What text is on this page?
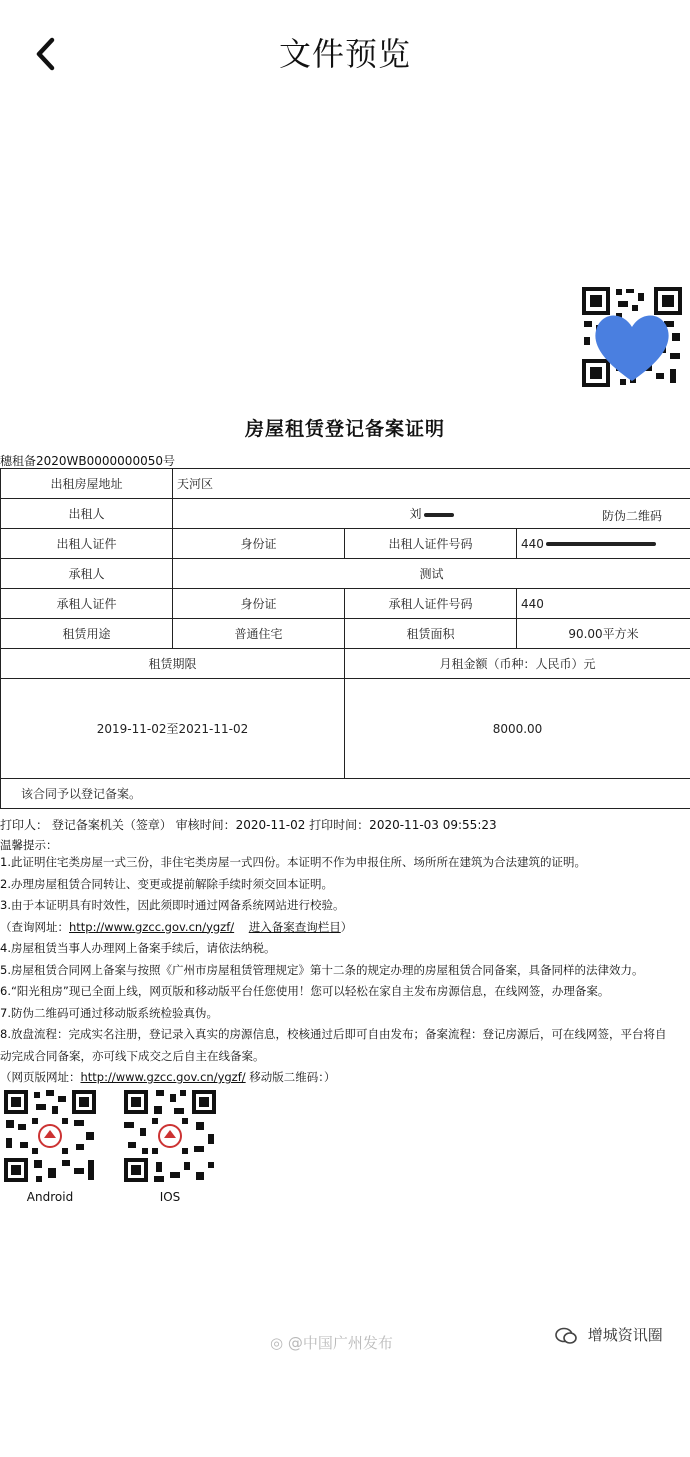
文件预览
防伪二维码
房屋租赁登记备案证明
穗租备2020WB0000000050号
出租房屋地址	天河区		
出租人	刘		
出租人证件	身份证	出租人证件号码	440
承租人	测试		
承租人证件	身份证	承租人证件号码	440
租赁用途	普通住宅	租赁面积	90.00平方米
租赁期限		月租金额（币种：人民币）元	
2019-11-02至2021-11-02		8000.00	
该合同予以登记备案。			
打印人： 登记备案机关（签章） 审核时间：2020-11-02 打印时间：2020-11-03 09:55:23
温馨提示：
1.此证明住宅类房屋一式三份，非住宅类房屋一式四份。本证明不作为申报住所、场所所在建筑为合法建筑的证明。
2.办理房屋租赁合同转让、变更或提前解除手续时须交回本证明。
3.由于本证明具有时效性，因此须即时通过网备系统网站进行校验。
（查询网址：http://www.gzcc.gov.cn/ygzf/ 进入备案查询栏目）
4.房屋租赁当事人办理网上备案手续后，请依法纳税。
5.房屋租赁合同网上备案与按照《广州市房屋租赁管理规定》第十二条的规定办理的房屋租赁合同备案，具备同样的法律效力。
6.“阳光租房”现已全面上线，网页版和移动版平台任您使用！您可以轻松在家自主发布房源信息，在线网签，办理备案。
7.防伪二维码可通过移动版系统检验真伪。
8.放盘流程：完成实名注册，登记录入真实的房源信息，校核通过后即可自由发布；备案流程：登记房源后，可在线网签，平台将自
动完成合同备案，亦可线下成交之后自主在线备案。
（网页版网址：http://www.gzcc.gov.cn/ygzf/ 移动版二维码：）
Android	IOS
◎ @中国广州发布	增城资讯圈
